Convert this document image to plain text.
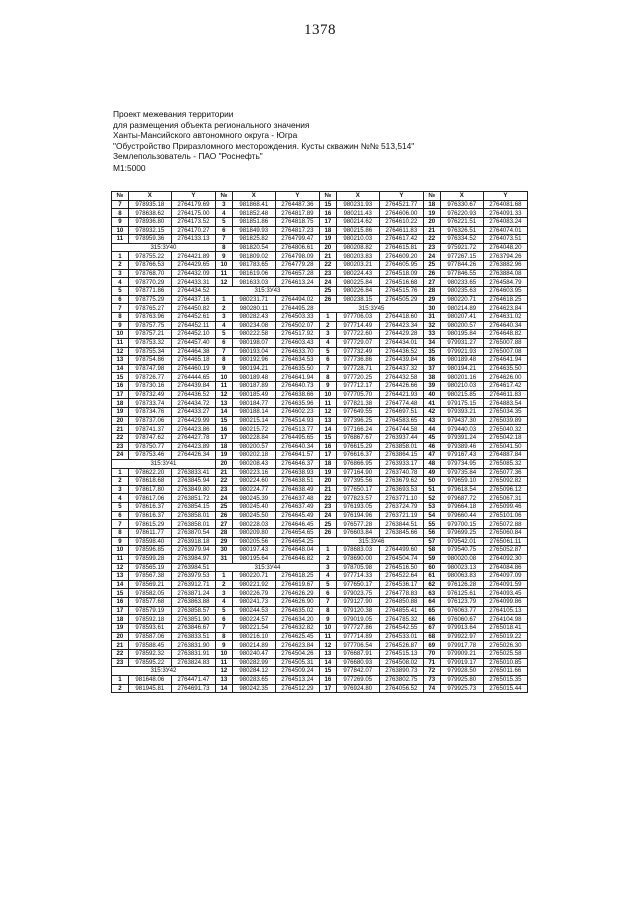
1378
Проект межевания территории
для размещения объекта регионального значения
Ханты-Мансийского автономного округа - Югра
"Обустройство Приразломного месторождения. Кусты скважин №№ 513,514"
Землепользователь - ПАО "Роснефть"
М1:5000
№	X	Y	№	X	Y	№	X	Y	№	X	Y
7	978935.18	2764179.69	3	981868.41	2764487.36	15	980231.93	2764521.77	18	976330.67	2764081.68
8	978638.62	2764175.00	4	981852.48	2764817.89	16	980211.43	2764606.00	19	976220.93	2764091.33
9	978936.80	2764173.52	5	981851.86	2764818.75	17	980214.62	2764610.22	20	976221.51	2764083.24
10	978932.15	2764170.27	6	981849.93	2764817.23	18	980215.86	2764611.83	21	976326.51	2764074.01
11	978959.36	2764133.13	7	981825.82	2764799.47	19	980210.03	2764617.42	22	976334.52	2764073.51
315:3У40			8	981820.54	2764806.61	20	980208.82	2764615.81	23	975921.72	2764048.20
1	978755.22	2764421.89	9	981809.02	2764798.09	21	980203.83	2764609.20	24	977267.15	2763794.26
2	978766.53	2764429.65	10	981783.65	2764779.28	22	980203.21	2764605.95	25	977844.26	2763882.96
3	978768.70	2764432.09	11	981619.06	2764657.28	23	980224.43	2764518.09	26	977846.55	2763884.08
4	978770.29	2764433.31	12	981633.03	2764613.24	24	980225.84	2764516.68	27	980233.65	2764584.79
5	978771.86	2764434.52	315:3У43			25	980226.84	2764515.76	28	980235.63	2764603.95
6	978775.29	2764437.16	1	980231.71	2764494.02	26	980238.15	2764505.29	29	980220.71	2764618.25
7	978765.27	2764450.82	2	980280.11	2764495.28	315:3У45			30	980214.89	2764623.84
8	978763.96	2764452.61	3	980282.43	2764503.33	1	977706.03	2764418.60	31	980207.41	2764631.02
9	978757.75	2764452.11	4	980234.08	2764502.07	2	977714.49	2764423.34	32	980200.57	2764640.34
10	978757.21	2764452.10	5	980222.58	2764517.92	3	977722.60	2764429.28	33	980195.84	2764648.82
11	978753.32	2764457.40	6	980198.07	2764603.43	4	977729.07	2764434.01	34	979931.27	2765007.88
12	978755.34	2764464.38	7	980193.04	2764633.70	5	977732.49	2764436.52	35	979921.93	2765007.08
13	978754.86	2764465.18	8	980192.96	2764634.53	6	977736.86	2764439.84	36	980189.48	2764641.94
14	978747.98	2764460.19	9	980194.21	2764635.50	7	977728.71	2764437.32	37	980194.21	2764635.50
15	978726.77	2764444.65	10	980189.48	2764641.94	8	977720.25	2764432.58	38	980201.16	2764626.00
16	978730.16	2764439.84	11	980187.89	2764640.73	9	977712.17	2764426.66	39	980210.03	2764617.42
17	978732.49	2764436.52	12	980185.49	2764638.66	10	977705.70	2764421.93	40	980215.85	2764611.83
18	978733.74	2764434.72	13	980184.77	2764635.96	11	977821.38	2764774.48	41	979175.15	2764883.54
19	978734.76	2764433.27	14	980188.14	2764602.23	12	977649.55	2764697.51	42	979393.21	2765034.35
20	978737.06	2764429.99	15	980215.14	2764514.93	13	977396.25	2764583.65	43	979437.30	2765039.89
21	978741.37	2764423.86	16	980215.72	2764513.77	14	977166.24	2764744.58	44	979440.03	2765040.32
22	978747.62	2764427.78	17	980228.84	2764495.65	15	976867.67	2763937.44	45	979391.24	2765042.18
23	978750.77	2764423.89	18	980200.57	2764640.34	16	976615.29	2763858.01	46	979389.46	2765041.50
24	978753.46	2764426.34	19	980202.18	2764641.57	17	976616.37	2763864.15	47	979167.43	2764887.84
315:3У41			20	980208.43	2764646.37	18	976866.95	2763933.17	48	979734.95	2765085.32
1	978622.20	2763833.41	21	980223.16	2764638.93	19	977164.90	2763740.78	49	979735.84	2765077.36
2	978618.68	2763845.94	22	980224.60	2764638.51	20	977395.56	2763679.62	50	979659.10	2765092.82
3	978617.80	2763849.80	23	980224.77	2764638.49	21	977650.17	2763693.53	51	979618.54	2765096.12
4	978617.06	2763851.72	24	980245.39	2764637.48	22	977823.57	2763771.10	52	979687.72	2765067.31
5	978616.37	2763854.15	25	980245.40	2764637.49	23	976193.05	2763724.79	53	979664.18	2765099.46
6	978616.37	2763858.01	26	980245.50	2764645.49	24	976194.96	2763721.19	54	979660.44	2765101.06
7	978615.29	2763858.01	27	980228.03	2764646.45	25	976577.28	2763844.51	55	979700.15	2765072.88
8	978611.77	2763870.54	28	980209.80	2764654.65	26	976603.84	2763845.66	56	979699.25	2765060.84
9	978598.40	2763918.18	29	980205.56	2764654.25	315:3У46			57	979542.01	2765061.11
10	978596.85	2763979.94	30	980197.43	2764648.04	1	978683.03	2764499.60	58	979540.75	2765052.87
11	978599.28	2763984.97	31	980195.64	2764646.82	2	978690.00	2764504.74	59	980020.08	2764092.30
12	978565.19	2763984.51	315:3У44			3	978705.98	2764516.50	60	980023.13	2764084.86
13	978567.38	2763979.53	1	980220.71	2764618.25	4	977714.33	2764522.64	61	980063.83	2764097.09
14	978569.21	2763912.71	2	980221.92	2764619.67	5	977650.17	2764536.17	62	976126.28	2764091.59
15	978582.05	2763871.24	3	980226.79	2764626.29	6	979023.75	2764778.83	63	976125.61	2764093.45
16	978577.68	2763863.88	4	980241.73	2764626.90	7	979127.90	2764850.88	64	976123.79	2764099.86
17	978579.19	2763858.57	5	980244.53	2764635.02	8	979120.38	2764855.41	65	976063.77	2764105.13
18	978592.18	2763851.90	6	980224.57	2764634.20	9	979019.05	2764785.32	66	976060.67	2764104.98
19	978593.61	2763846.67	7	980221.54	2764632.82	10	977727.86	2764542.55	67	979913.64	2765018.41
20	978587.06	2763833.51	8	980216.10	2764625.45	11	977714.89	2764533.01	68	979922.97	2765019.22
21	978588.45	2763831.90	9	980214.89	2764623.84	12	977706.54	2764526.87	69	979917.78	2765026.30
22	978592.32	2763831.91	10	980240.47	2764504.26	13	976687.91	2764515.13	70	979909.21	2765025.58
23	978595.22	2763824.83	11	980282.99	2764505.31	14	976680.93	2764508.02	71	979919.17	2765010.85
315:3У42			12	980284.12	2764509.24	15	977842.07	2763890.73	72	979928.50	2765011.66
1	981648.06	2764471.47	13	980283.65	2764513.24	16	977269.05	2763802.75	73	979925.80	2765015.35
2	981945.81	2764691.73	14	980242.35	2764512.29	17	976924.80	2764056.52	74	979925.73	2765015.44
